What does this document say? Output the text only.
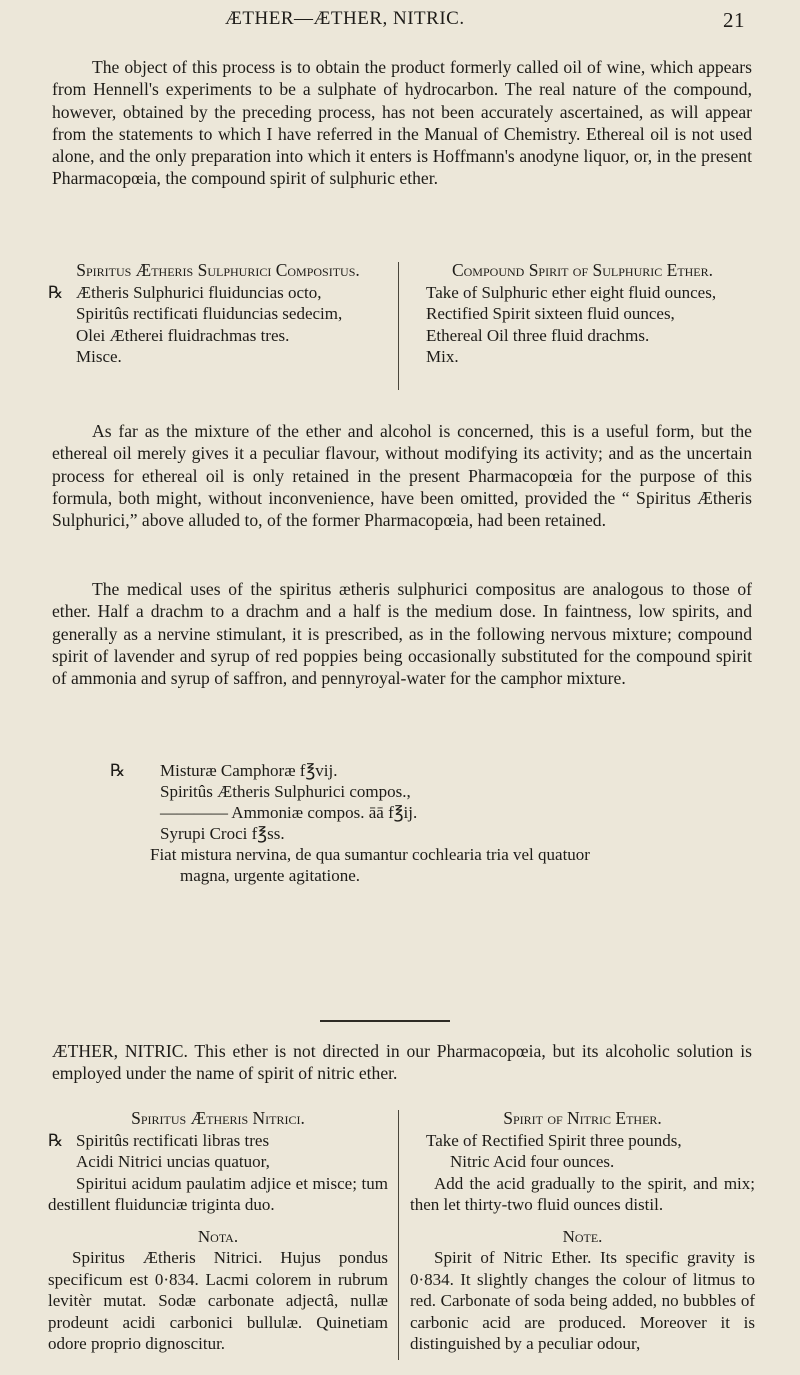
ÆTHER—ÆTHER, NITRIC.	21

The object of this process is to obtain the product formerly called oil of wine, which appears from Hennell's experiments to be a sulphate of hydrocarbon. The real nature of the compound, however, obtained by the preceding process, has not been accurately ascertained, as will appear from the statements to which I have referred in the Manual of Chemistry. Ethereal oil is not used alone, and the only preparation into which it enters is Hoffmann's anodyne liquor, or, in the present Pharmacopœia, the compound spirit of sulphuric ether.

Spiritus Ætheris Sulphurici Compositus.
℞ Ætheris Sulphurici fluiduncias octo,
Spiritûs rectificati fluiduncias sedecim,
Olei Ætherei fluidrachmas tres.
Misce.
Compound Spirit of Sulphuric Ether.
Take of Sulphuric ether eight fluid ounces,
Rectified Spirit sixteen fluid ounces,
Ethereal Oil three fluid drachms.
Mix.

As far as the mixture of the ether and alcohol is concerned, this is a useful form, but the ethereal oil merely gives it a peculiar flavour, without modifying its activity; and as the uncertain process for ethereal oil is only retained in the present Pharmacopœia for the purpose of this formula, both might, without inconvenience, have been omitted, provided the “ Spiritus Ætheris Sulphurici,” above alluded to, of the former Pharmacopœia, had been retained.

The medical uses of the spiritus ætheris sulphurici compositus are analogous to those of ether. Half a drachm to a drachm and a half is the medium dose. In faintness, low spirits, and generally as a nervine stimulant, it is prescribed, as in the following nervous mixture; compound spirit of lavender and syrup of red poppies being occasionally substituted for the compound spirit of ammonia and syrup of saffron, and pennyroyal-water for the camphor mixture.

℞	Misturæ Camphoræ f℥vij.
Spiritûs Ætheris Sulphurici compos.,
———— Ammoniæ compos. āā f℥ij.
Syrupi Croci f℥ss.
Fiat mistura nervina, de qua sumantur cochlearia tria vel quatuor
magna, urgente agitatione.

ÆTHER, NITRIC. This ether is not directed in our Pharmacopœia, but its alcoholic solution is employed under the name of spirit of nitric ether.

Spiritus Ætheris Nitrici.
℞ Spiritûs rectificati libras tres
Acidi Nitrici uncias quatuor,
Spiritui acidum paulatim adjice et misce; tum destillent fluidunciæ triginta duo.
Nota.
Spiritus Ætheris Nitrici. Hujus pondus specificum est 0·834. Lacmi colorem in rubrum levitèr mutat. Sodæ carbonate adjectâ, nullæ prodeunt acidi carbonici bullulæ. Quinetiam odore proprio dignoscitur.
Spirit of Nitric Ether.
Take of Rectified Spirit three pounds,
Nitric Acid four ounces.
Add the acid gradually to the spirit, and mix; then let thirty-two fluid ounces distil.
Note.
Spirit of Nitric Ether. Its specific gravity is 0·834. It slightly changes the colour of litmus to red. Carbonate of soda being added, no bubbles of carbonic acid are produced. Moreover it is distinguished by a peculiar odour,
